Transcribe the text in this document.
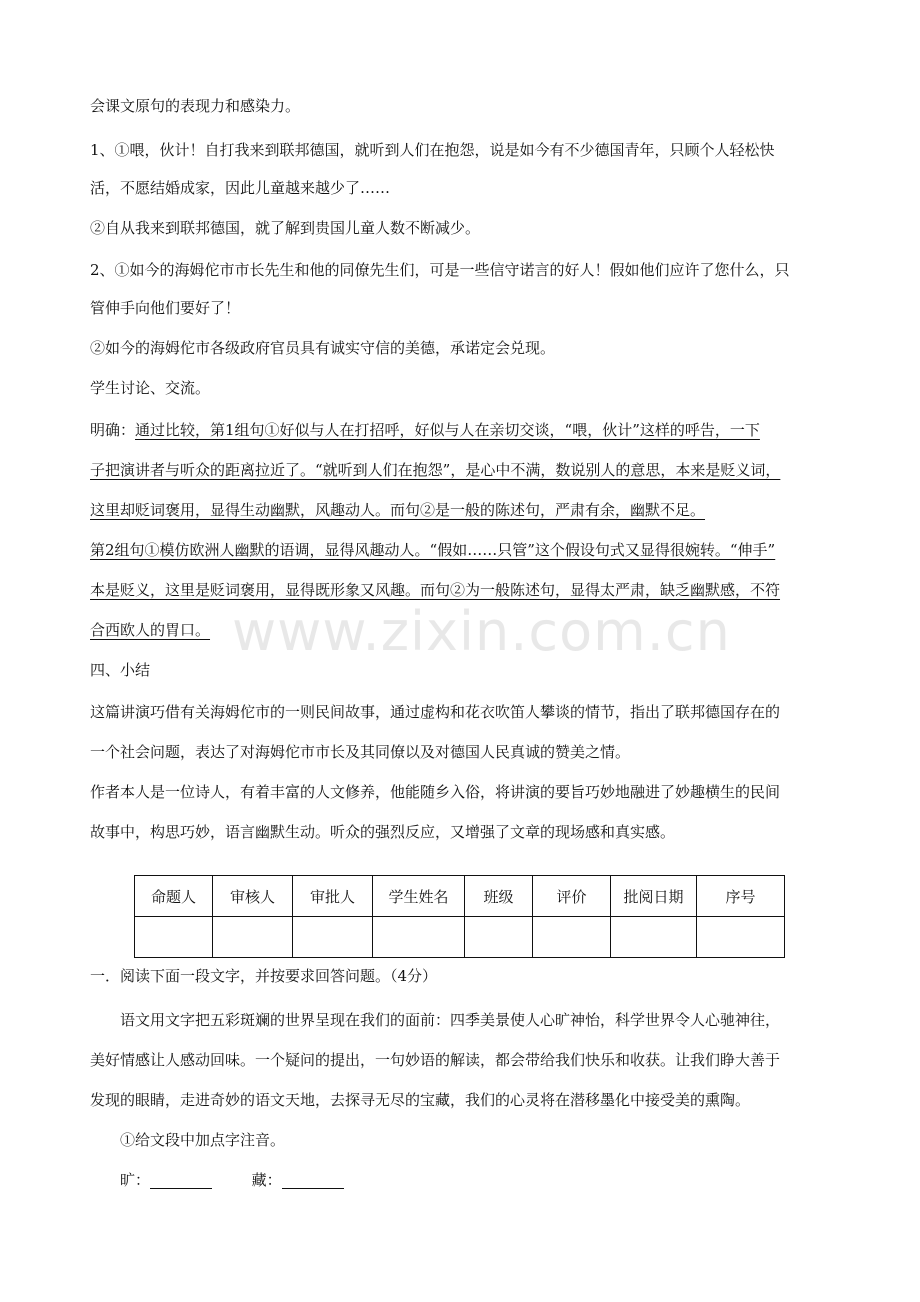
会课文原句的表现力和感染力。
1、①喂，伙计！自打我来到联邦德国，就听到人们在抱怨，说是如今有不少德国青年，只顾个人轻松快
活，不愿结婚成家，因此儿童越来越少了……
②自从我来到联邦德国，就了解到贵国儿童人数不断减少。
2、①如今的海姆佗市市长先生和他的同僚先生们，可是一些信守诺言的好人！假如他们应许了您什么，只
管伸手向他们要好了！
②如今的海姆佗市各级政府官员具有诚实守信的美德，承诺定会兑现。
学生讨论、交流。
明确：通过比较，第1组句①好似与人在打招呼，好似与人在亲切交谈，“喂，伙计”这样的呼告，一下
子把演讲者与听众的距离拉近了。“就听到人们在抱怨”，是心中不满，数说别人的意思，本来是贬义词，
这里却贬词褒用，显得生动幽默，风趣动人。而句②是一般的陈述句，严肃有余，幽默不足。
第2组句①模仿欧洲人幽默的语调，显得风趣动人。“假如……只管”这个假设句式又显得很婉转。“伸手”
本是贬义，这里是贬词褒用，显得既形象又风趣。而句②为一般陈述句，显得太严肃，缺乏幽默感，不符
合西欧人的胃口。 www.zixin.com.cn
四、小结
这篇讲演巧借有关海姆佗市的一则民间故事，通过虚构和花衣吹笛人攀谈的情节，指出了联邦德国存在的
一个社会问题，表达了对海姆佗市市长及其同僚以及对德国人民真诚的赞美之情。
作者本人是一位诗人，有着丰富的人文修养，他能随乡入俗，将讲演的要旨巧妙地融进了妙趣横生的民间
故事中，构思巧妙，语言幽默生动。听众的强烈反应，又增强了文章的现场感和真实感。
命题人	审核人	审批人	学生姓名	班级	评价	批阅日期	序号

一．阅读下面一段文字，并按要求回答问题。（4分）
语文用文字把五彩斑斓的世界呈现在我们的面前：四季美景使人心旷神怡，科学世界令人心驰神往，
美好情感让人感动回味。一个疑问的提出，一句妙语的解读，都会带给我们快乐和收获。让我们睁大善于
发现的眼睛，走进奇妙的语文天地，去探寻无尽的宝藏，我们的心灵将在潜移墨化中接受美的熏陶。
①给文段中加点字注音。
旷：	藏：
